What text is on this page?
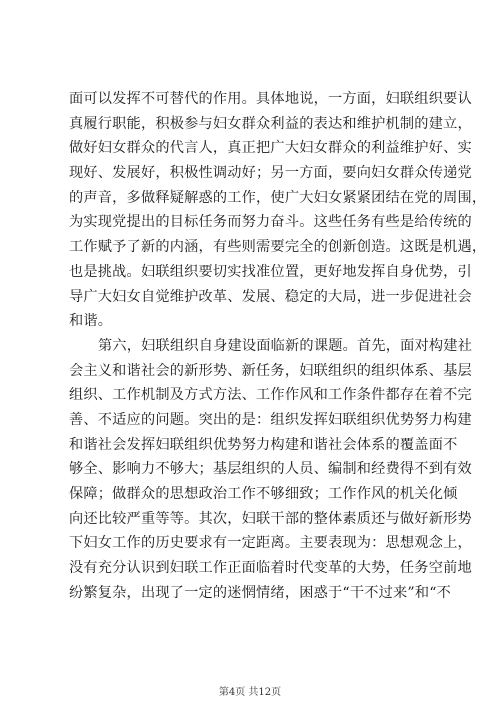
面可以发挥不可替代的作用。具体地说，一方面，妇联组织要认
真履行职能，积极参与妇女群众利益的表达和维护机制的建立，
做好妇女群众的代言人，真正把广大妇女群众的利益维护好、实
现好、发展好，积极性调动好；另一方面，要向妇女群众传递党
的声音，多做释疑解惑的工作，使广大妇女紧紧团结在党的周围，
为实现党提出的目标任务而努力奋斗。这些任务有些是给传统的
工作赋予了新的内涵，有些则需要完全的创新创造。这既是机遇，
也是挑战。妇联组织要切实找准位置，更好地发挥自身优势，引
导广大妇女自觉维护改革、发展、稳定的大局，进一步促进社会
和谐。
第六，妇联组织自身建设面临新的课题。首先，面对构建社
会主义和谐社会的新形势、新任务，妇联组织的组织体系、基层
组织、工作机制及方式方法、工作作风和工作条件都存在着不完
善、不适应的问题。突出的是：组织发挥妇联组织优势努力构建
和谐社会发挥妇联组织优势努力构建和谐社会体系的覆盖面不
够全、影响力不够大；基层组织的人员、编制和经费得不到有效
保障；做群众的思想政治工作不够细致；工作作风的机关化倾
向还比较严重等等。其次，妇联干部的整体素质还与做好新形势
下妇女工作的历史要求有一定距离。主要表现为：思想观念上，
没有充分认识到妇联工作正面临着时代变革的大势，任务空前地
纷繁复杂，出现了一定的迷惘情绪，困惑于“干不过来”和“不
第4页 共12页
